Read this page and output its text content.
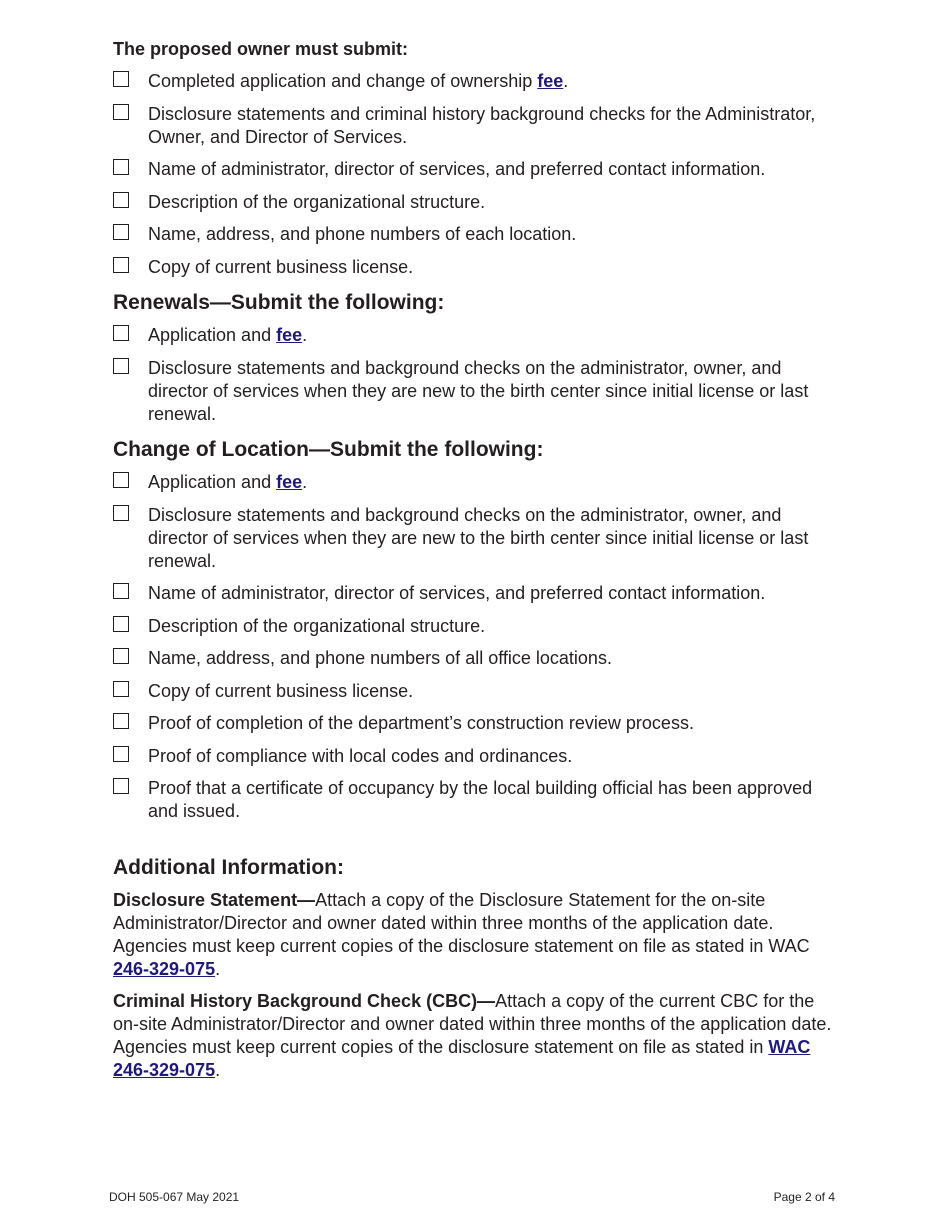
The proposed owner must submit:
Completed application and change of ownership fee.
Disclosure statements and criminal history background checks for the Administrator, Owner, and Director of Services.
Name of administrator, director of services, and preferred contact information.
Description of the organizational structure.
Name, address, and phone numbers of each location.
Copy of current business license.
Renewals—Submit the following:
Application and fee.
Disclosure statements and background checks on the administrator, owner, and director of services when they are new to the birth center since initial license or last renewal.
Change of Location—Submit the following:
Application and fee.
Disclosure statements and background checks on the administrator, owner, and director of services when they are new to the birth center since initial license or last renewal.
Name of administrator, director of services, and preferred contact information.
Description of the organizational structure.
Name, address, and phone numbers of all office locations.
Copy of current business license.
Proof of completion of the department’s construction review process.
Proof of compliance with local codes and ordinances.
Proof that a certificate of occupancy by the local building official has been approved and issued.
Additional Information:

Disclosure Statement—Attach a copy of the Disclosure Statement for the on-site Administrator/Director and owner dated within three months of the application date. Agencies must keep current copies of the disclosure statement on file as stated in WAC 246-329-075.

Criminal History Background Check (CBC)—Attach a copy of the current CBC for the on-site Administrator/Director and owner dated within three months of the application date. Agencies must keep current copies of the disclosure statement on file as stated in WAC 246-329-075.

DOH 505-067 May 2021	Page 2 of 4
